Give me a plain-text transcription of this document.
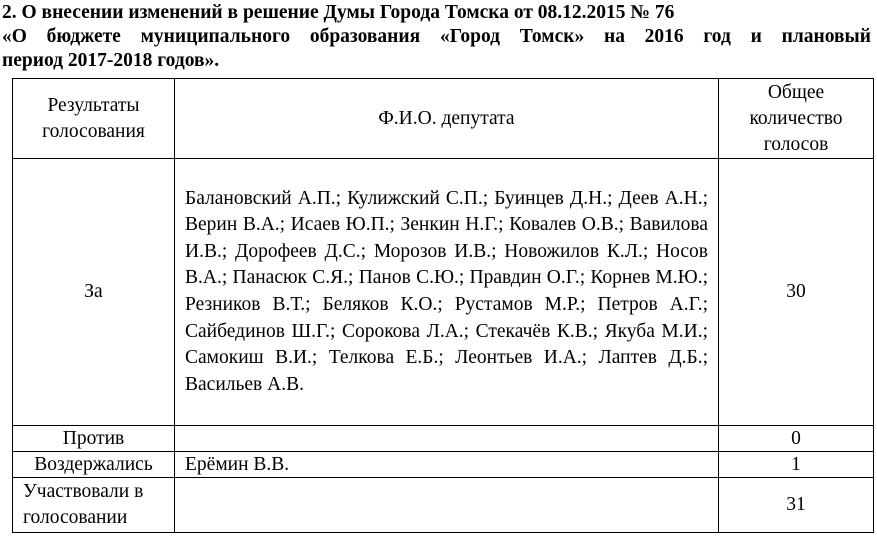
2. О внесении изменений в решение Думы Города Томска от 08.12.2015 № 76
«О бюджете муниципального образования «Город Томск» на 2016 год и плановый
период 2017-2018 годов».
Результаты голосования	Ф.И.О. депутата	Общее количество голосов
За	Балановский А.П.; Кулижский С.П.; Буинцев Д.Н.; Деев А.Н.; Верин В.А.; Исаев Ю.П.; Зенкин Н.Г.; Ковалев О.В.; Вавилова И.В.; Дорофеев Д.С.; Морозов И.В.; Новожилов К.Л.; Носов В.А.; Панасюк С.Я.; Панов С.Ю.; Правдин О.Г.; Корнев М.Ю.; Резников В.Т.; Беляков К.О.; Рустамов М.Р.; Петров А.Г.; Сайбединов Ш.Г.; Сорокова Л.А.; Стекачёв К.В.; Якуба М.И.; Самокиш В.И.; Телкова Е.Б.; Леонтьев И.А.; Лаптев Д.Б.; Васильев А.В.	30
Против		0
Воздержались	Ерёмин В.В.	1
Участвовали в голосовании		31
